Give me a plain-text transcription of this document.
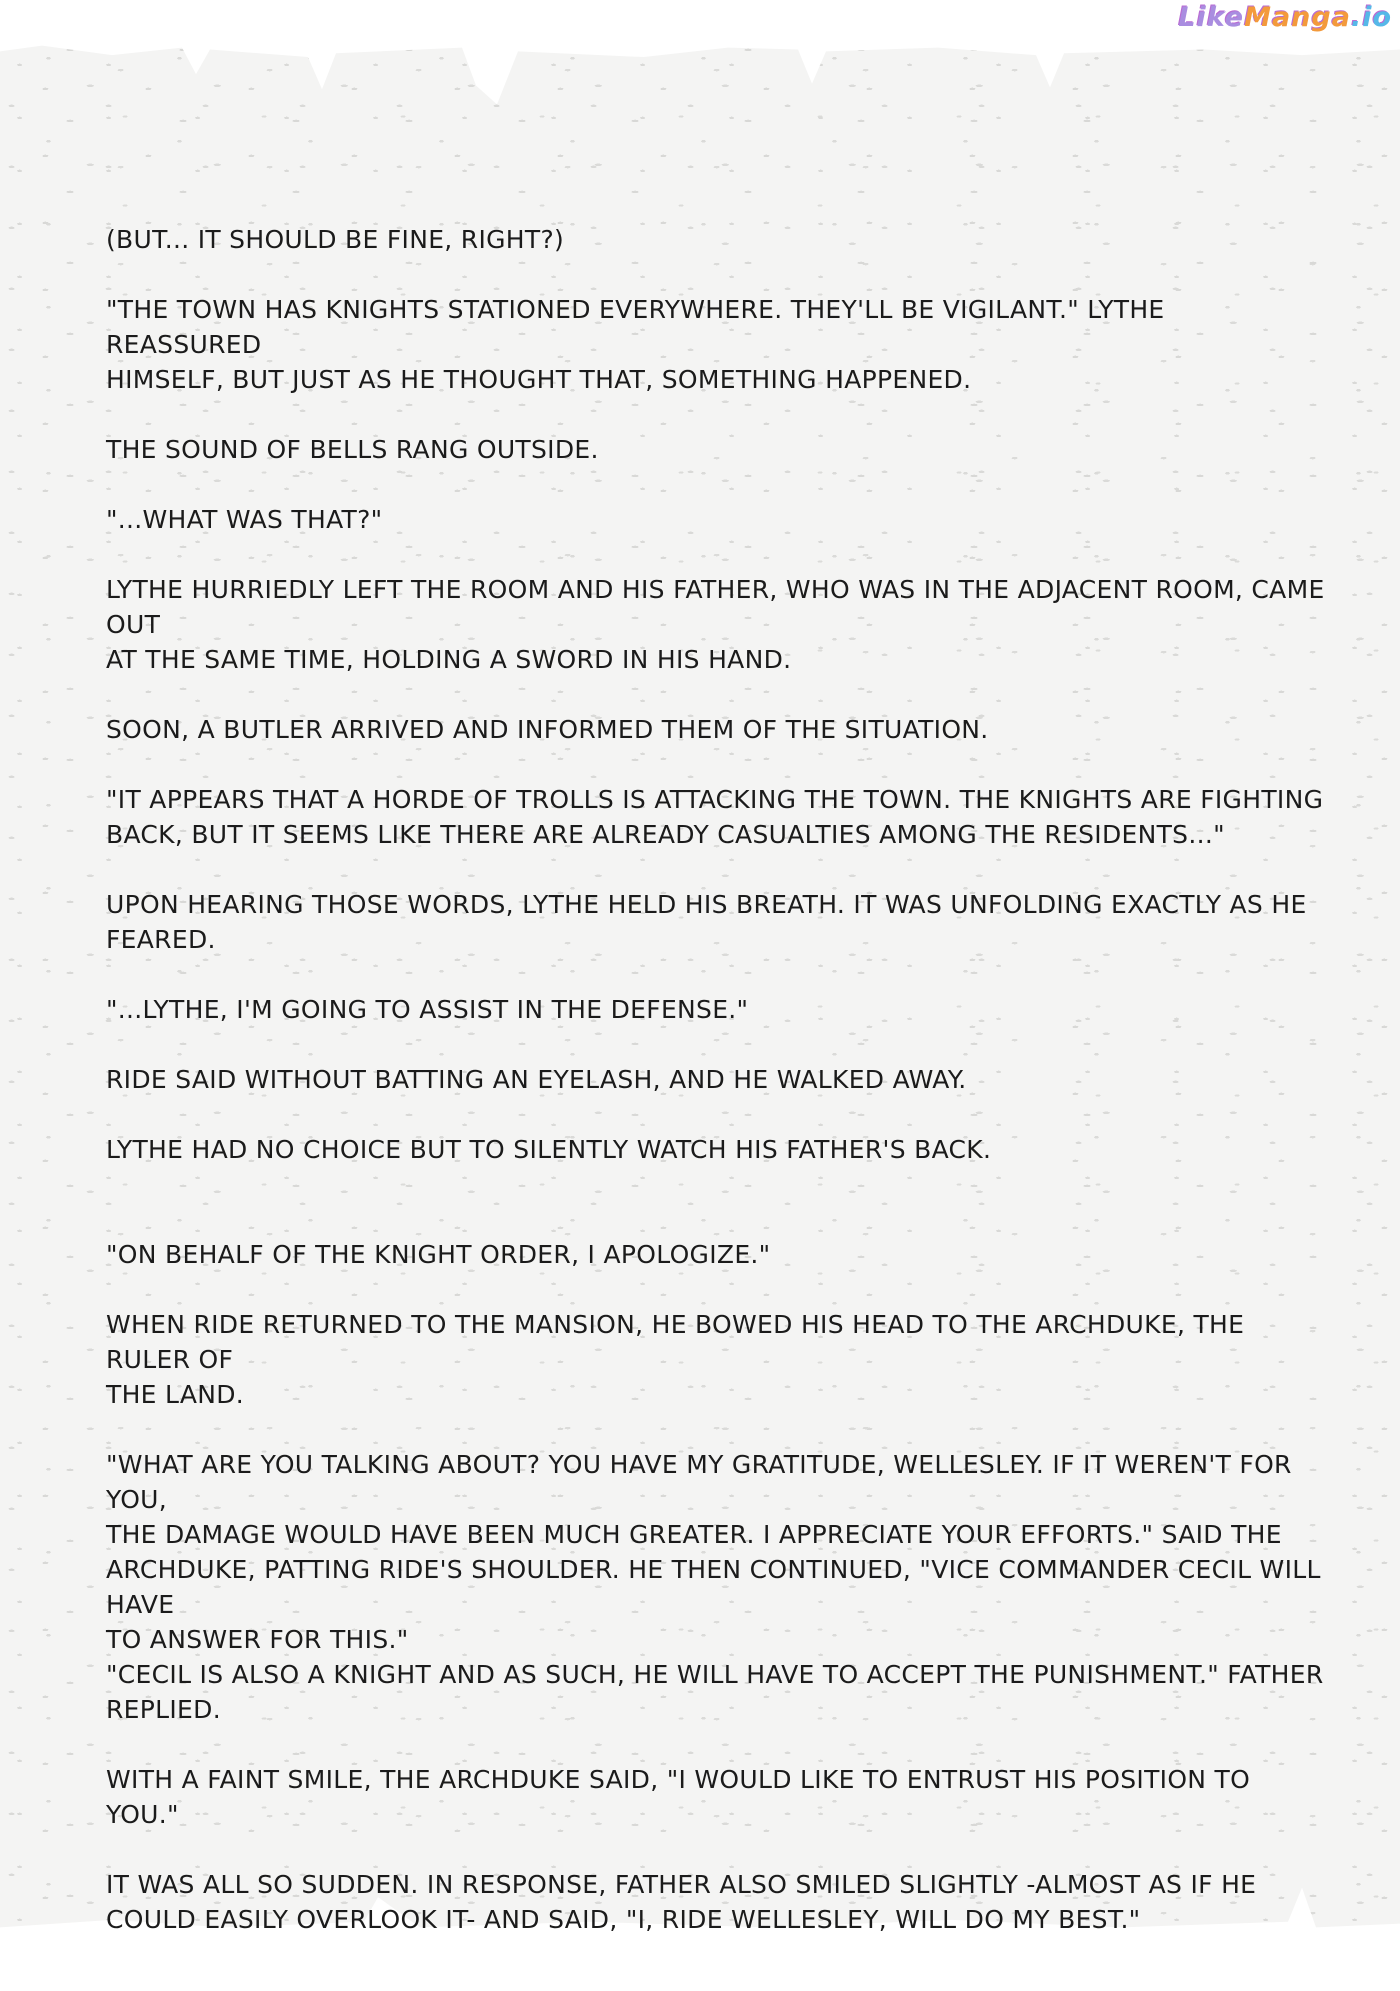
LikeManga.io

(BUT... IT SHOULD BE FINE, RIGHT?)

"THE TOWN HAS KNIGHTS STATIONED EVERYWHERE. THEY'LL BE VIGILANT." LYTHE REASSURED
HIMSELF, BUT JUST AS HE THOUGHT THAT, SOMETHING HAPPENED.

THE SOUND OF BELLS RANG OUTSIDE.

"...WHAT WAS THAT?"

LYTHE HURRIEDLY LEFT THE ROOM AND HIS FATHER, WHO WAS IN THE ADJACENT ROOM, CAME OUT
AT THE SAME TIME, HOLDING A SWORD IN HIS HAND.

SOON, A BUTLER ARRIVED AND INFORMED THEM OF THE SITUATION.

"IT APPEARS THAT A HORDE OF TROLLS IS ATTACKING THE TOWN. THE KNIGHTS ARE FIGHTING
BACK, BUT IT SEEMS LIKE THERE ARE ALREADY CASUALTIES AMONG THE RESIDENTS..."

UPON HEARING THOSE WORDS, LYTHE HELD HIS BREATH. IT WAS UNFOLDING EXACTLY AS HE
FEARED.

"...LYTHE, I'M GOING TO ASSIST IN THE DEFENSE."

RIDE SAID WITHOUT BATTING AN EYELASH, AND HE WALKED AWAY.

LYTHE HAD NO CHOICE BUT TO SILENTLY WATCH HIS FATHER'S BACK.

"ON BEHALF OF THE KNIGHT ORDER, I APOLOGIZE."

WHEN RIDE RETURNED TO THE MANSION, HE BOWED HIS HEAD TO THE ARCHDUKE, THE RULER OF
THE LAND.

"WHAT ARE YOU TALKING ABOUT? YOU HAVE MY GRATITUDE, WELLESLEY. IF IT WEREN'T FOR YOU,
THE DAMAGE WOULD HAVE BEEN MUCH GREATER. I APPRECIATE YOUR EFFORTS." SAID THE
ARCHDUKE, PATTING RIDE'S SHOULDER. HE THEN CONTINUED, "VICE COMMANDER CECIL WILL HAVE
TO ANSWER FOR THIS."

"CECIL IS ALSO A KNIGHT AND AS SUCH, HE WILL HAVE TO ACCEPT THE PUNISHMENT." FATHER
REPLIED.

WITH A FAINT SMILE, THE ARCHDUKE SAID, "I WOULD LIKE TO ENTRUST HIS POSITION TO YOU."

IT WAS ALL SO SUDDEN. IN RESPONSE, FATHER ALSO SMILED SLIGHTLY -ALMOST AS IF HE
COULD EASILY OVERLOOK IT- AND SAID, "I, RIDE WELLESLEY, WILL DO MY BEST."
